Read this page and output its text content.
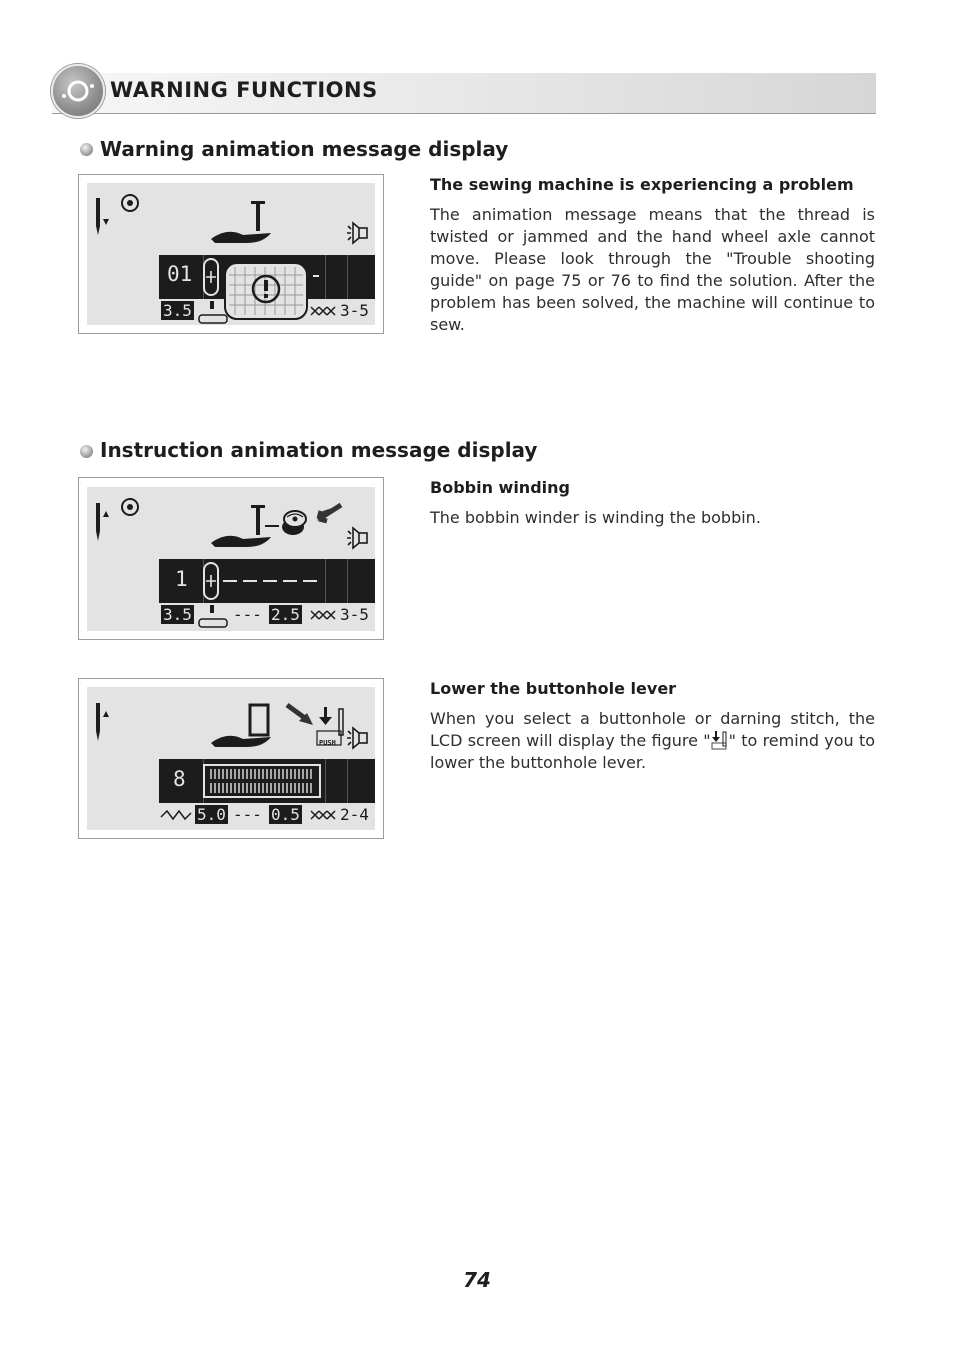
WARNING FUNCTIONS
Warning animation message display
01
3.5	3-5
The sewing machine is experiencing a problem
The animation message means that the thread is twisted or jammed and the hand wheel axle cannot move. Please look through the "Trouble shooting guide" on page 75 or 76 to find the solution. After the problem has been solved, the machine will continue to sew.
Instruction animation message display
1
3.5	--- 2.5	3-5
Bobbin winding
The bobbin winder is winding the bobbin.
PUSH
8
5.0 --- 0.5	2-4
Lower the buttonhole lever
When you select a buttonhole or darning stitch, the LCD screen will display the figure " " to remind you to lower the buttonhole lever.
74
